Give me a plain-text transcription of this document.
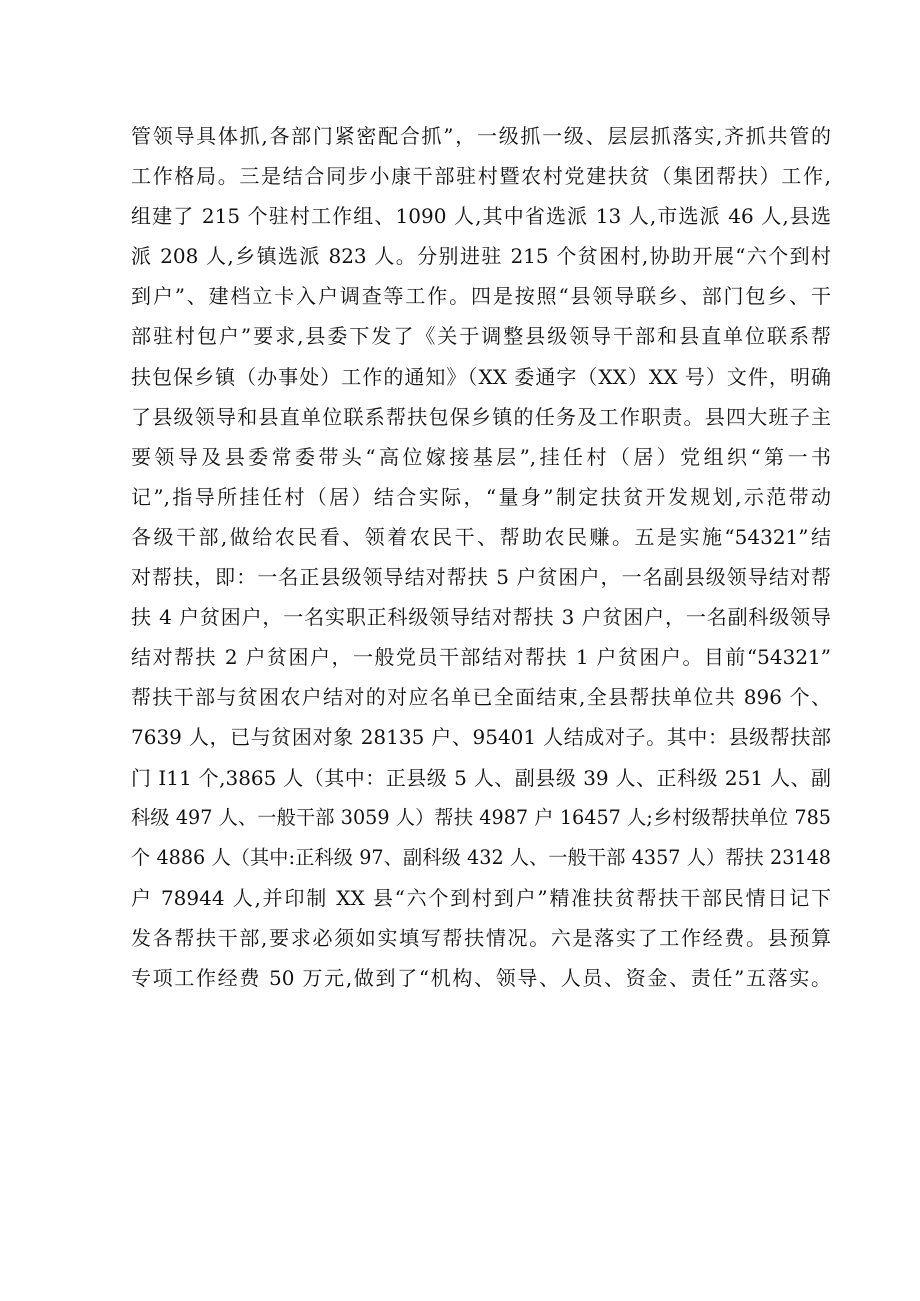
管领导具体抓,各部门紧密配合抓”，一级抓一级、层层抓落实,齐抓共管的
工作格局。三是结合同步小康干部驻村暨农村党建扶贫（集团帮扶）工作,
组建了 215 个驻村工作组、1090 人,其中省选派 13 人,市选派 46 人,县选
派 208 人,乡镇选派 823 人。分别进驻 215 个贫困村,协助开展“六个到村
到户”、建档立卡入户调查等工作。四是按照“县领导联乡、部门包乡、干
部驻村包户”要求,县委下发了《关于调整县级领导干部和县直单位联系帮
扶包保乡镇（办事处）工作的通知》（XX 委通字（XX）XX 号）文件，明确
了县级领导和县直单位联系帮扶包保乡镇的任务及工作职责。县四大班子主
要领导及县委常委带头“高位嫁接基层”,挂任村（居）党组织“第一书
记”,指导所挂任村（居）结合实际，“量身”制定扶贫开发规划,示范带动
各级干部,做给农民看、领着农民干、帮助农民赚。五是实施“54321”结
对帮扶，即：一名正县级领导结对帮扶 5 户贫困户，一名副县级领导结对帮
扶 4 户贫困户，一名实职正科级领导结对帮扶 3 户贫困户，一名副科级领导
结对帮扶 2 户贫困户，一般党员干部结对帮扶 1 户贫困户。目前“54321”
帮扶干部与贫困农户结对的对应名单已全面结束,全县帮扶单位共 896 个、
7639 人，已与贫困对象 28135 户、95401 人结成对子。其中：县级帮扶部
门 I11 个,3865 人（其中：正县级 5 人、副县级 39 人、正科级 251 人、副
科级 497 人、一般干部 3059 人）帮扶 4987 户 16457 人;乡村级帮扶单位 785
个 4886 人（其中:正科级 97、副科级 432 人、一般干部 4357 人）帮扶 23148
户 78944 人,并印制 XX 县“六个到村到户”精准扶贫帮扶干部民情日记下
发各帮扶干部,要求必须如实填写帮扶情况。六是落实了工作经费。县预算
专项工作经费 50 万元,做到了“机构、领导、人员、资金、责任”五落实。
